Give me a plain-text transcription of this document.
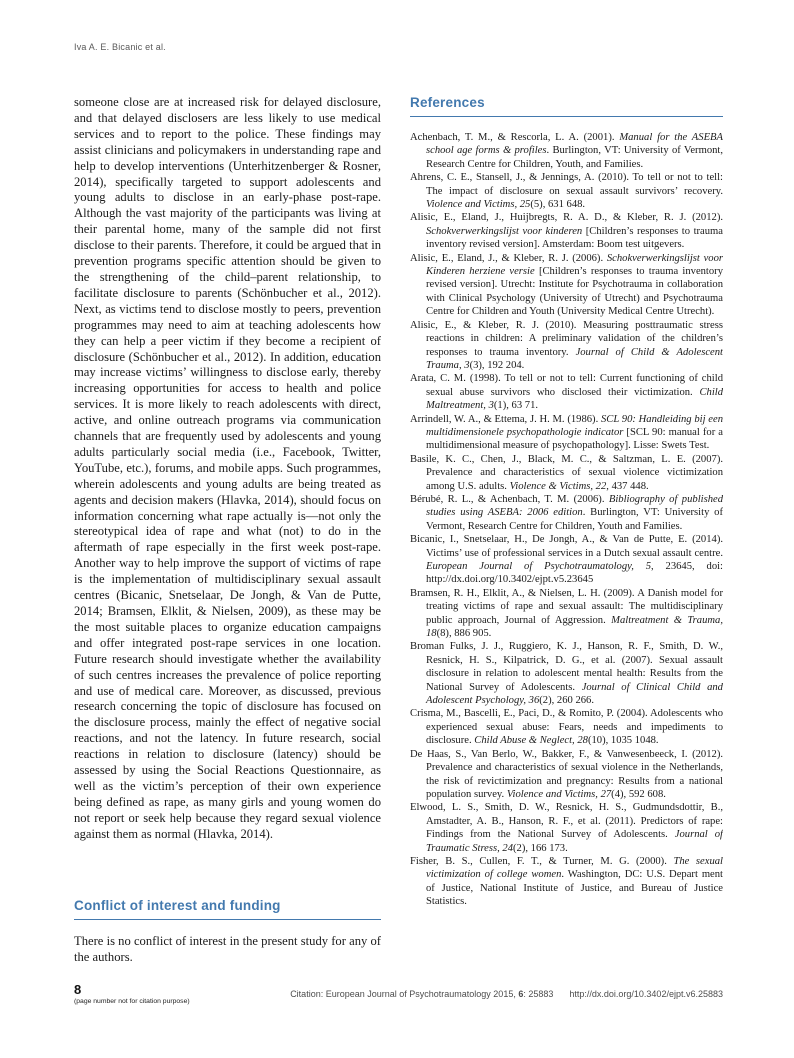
Iva A. E. Bicanic et al.
someone close are at increased risk for delayed disclosure, and that delayed disclosers are less likely to use medical services and to report to the police. These findings may assist clinicians and policymakers in understanding rape and help to develop interventions (Unterhitzenberger & Rosner, 2014), specifically targeted to support adolescents and young adults to disclose in an early-phase post-rape. Although the vast majority of the participants was living at their parental home, many of the sample did not first disclose to their parents. Therefore, it could be argued that in prevention programs specific attention should be given to the strengthening of the child–parent relationship, to facilitate disclosure to parents (Schönbucher et al., 2012). Next, as victims tend to disclose mostly to peers, prevention programmes may need to aim at teaching adolescents how they can help a peer victim if they become a recipient of disclosure (Schönbucher et al., 2012). In addition, education may increase victims’ willingness to disclose early, thereby increasing opportunities for access to health and police services. It is more likely to reach adolescents with direct, active, and online outreach programs via communication channels that are frequently used by adolescents and young adults particularly social media (i.e., Facebook, Twitter, YouTube, etc.), forums, and mobile apps. Such programmes, wherein adolescents and young adults are being treated as agents and decision makers (Hlavka, 2014), should focus on information concerning what rape actually is—not only the stereotypical idea of rape and what (not) to do in the aftermath of rape especially in the first week post-rape. Another way to help improve the support of victims of rape is the implementation of multidisciplinary sexual assault centres (Bicanic, Snetselaar, De Jongh, & Van de Putte, 2014; Bramsen, Elklit, & Nielsen, 2009), as these may be the most suitable places to organize education campaigns and offer integrated post-rape services in one location. Future research should investigate whether the availability of such centres increases the prevalence of police reporting and use of medical care. Moreover, as discussed, previous research concerning the topic of disclosure has focused on the disclosure process, mainly the effect of negative social reactions, and not the latency. In future research, social reactions in relation to disclosure (latency) should be assessed by using the Social Reactions Questionnaire, as well as the victim’s perception of their own experience being defined as rape, as many girls and young women do not report or seek help because they regard sexual violence against them as normal (Hlavka, 2014).
Conflict of interest and funding
There is no conflict of interest in the present study for any of the authors.
References
Achenbach, T. M., & Rescorla, L. A. (2001). Manual for the ASEBA school age forms & profiles. Burlington, VT: University of Vermont, Research Centre for Children, Youth, and Families.
Ahrens, C. E., Stansell, J., & Jennings, A. (2010). To tell or not to tell: The impact of disclosure on sexual assault survivors’ recovery. Violence and Victims, 25(5), 631 648.
Alisic, E., Eland, J., Huijbregts, R. A. D., & Kleber, R. J. (2012). Schokverwerkingslijst voor kinderen [Children’s responses to trauma inventory revised version]. Amsterdam: Boom test uitgevers.
Alisic, E., Eland, J., & Kleber, R. J. (2006). Schokverwerkingslijst voor Kinderen herziene versie [Children’s responses to trauma inventory revised version]. Utrecht: Institute for Psychotrauma in collaboration with Clinical Psychology (University of Utrecht) and Psychotrauma Centre for Children and Youth (University Medical Centre Utrecht).
Alisic, E., & Kleber, R. J. (2010). Measuring posttraumatic stress reactions in children: A preliminary validation of the children’s responses to trauma inventory. Journal of Child & Adolescent Trauma, 3(3), 192 204.
Arata, C. M. (1998). To tell or not to tell: Current functioning of child sexual abuse survivors who disclosed their victimization. Child Maltreatment, 3(1), 63 71.
Arrindell, W. A., & Ettema, J. H. M. (1986). SCL 90: Handleiding bij een multidimensionele psychopathologie indicator [SCL 90: manual for a multidimensional measure of psychopathology]. Lisse: Swets Test.
Basile, K. C., Chen, J., Black, M. C., & Saltzman, L. E. (2007). Prevalence and characteristics of sexual violence victimization among U.S. adults. Violence & Victims, 22, 437 448.
Bérubé, R. L., & Achenbach, T. M. (2006). Bibliography of published studies using ASEBA: 2006 edition. Burlington, VT: University of Vermont, Research Centre for Children, Youth and Families.
Bicanic, I., Snetselaar, H., De Jongh, A., & Van de Putte, E. (2014). Victims’ use of professional services in a Dutch sexual assault centre. European Journal of Psychotraumatology, 5, 23645, doi: http://dx.doi.org/10.3402/ejpt.v5.23645
Bramsen, R. H., Elklit, A., & Nielsen, L. H. (2009). A Danish model for treating victims of rape and sexual assault: The multidisciplinary public approach, Journal of Aggression. Maltreatment & Trauma, 18(8), 886 905.
Broman Fulks, J. J., Ruggiero, K. J., Hanson, R. F., Smith, D. W., Resnick, H. S., Kilpatrick, D. G., et al. (2007). Sexual assault disclosure in relation to adolescent mental health: Results from the National Survey of Adolescents. Journal of Clinical Child and Adolescent Psychology, 36(2), 260 266.
Crisma, M., Bascelli, E., Paci, D., & Romito, P. (2004). Adolescents who experienced sexual abuse: Fears, needs and impediments to disclosure. Child Abuse & Neglect, 28(10), 1035 1048.
De Haas, S., Van Berlo, W., Bakker, F., & Vanwesenbeeck, I. (2012). Prevalence and characteristics of sexual violence in the Netherlands, the risk of revictimization and pregnancy: Results from a national population survey. Violence and Victims, 27(4), 592 608.
Elwood, L. S., Smith, D. W., Resnick, H. S., Gudmundsdottir, B., Amstadter, A. B., Hanson, R. F., et al. (2011). Predictors of rape: Findings from the National Survey of Adolescents. Journal of Traumatic Stress, 24(2), 166 173.
Fisher, B. S., Cullen, F. T., & Turner, M. G. (2000). The sexual victimization of college women. Washington, DC: U.S. Depart ment of Justice, National Institute of Justice, and Bureau of Justice Statistics.
8
(page number not for citation purpose)
Citation: European Journal of Psychotraumatology 2015, 6: 25883 http://dx.doi.org/10.3402/ejpt.v6.25883
